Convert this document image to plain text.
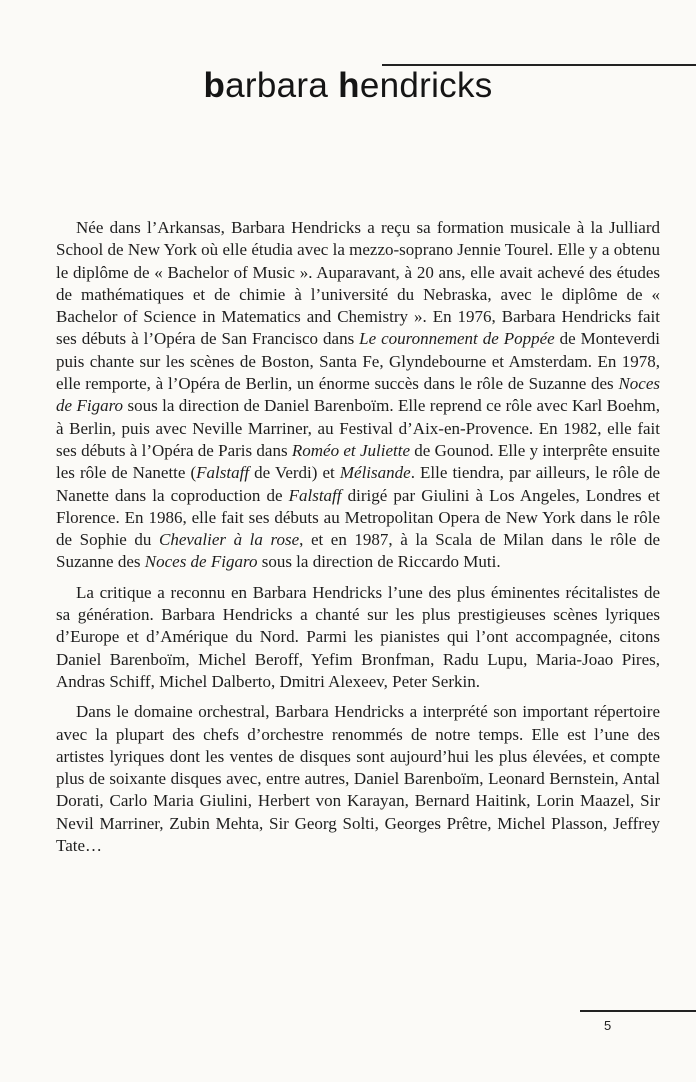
barbara hendricks

Née dans l’Arkansas, Barbara Hendricks a reçu sa formation musicale à la Julliard School de New York où elle étudia avec la mezzo-soprano Jennie Tourel. Elle y a obtenu le diplôme de « Bachelor of Music ». Auparavant, à 20 ans, elle avait achevé des études de mathématiques et de chimie à l’université du Nebraska, avec le diplôme de « Bachelor of Science in Matematics and Chemistry ». En 1976, Barbara Hendricks fait ses débuts à l’Opéra de San Francisco dans Le couronnement de Poppée de Monteverdi puis chante sur les scènes de Boston, Santa Fe, Glyndebourne et Amsterdam. En 1978, elle remporte, à l’Opéra de Berlin, un énorme succès dans le rôle de Suzanne des Noces de Figaro sous la direction de Daniel Barenboïm. Elle reprend ce rôle avec Karl Boehm, à Berlin, puis avec Neville Marriner, au Festival d’Aix-en-Provence. En 1982, elle fait ses débuts à l’Opéra de Paris dans Roméo et Juliette de Gounod. Elle y interprête ensuite les rôle de Nanette (Falstaff de Verdi) et Mélisande. Elle tiendra, par ailleurs, le rôle de Nanette dans la coproduction de Falstaff dirigé par Giulini à Los Angeles, Londres et Florence. En 1986, elle fait ses débuts au Metropolitan Opera de New York dans le rôle de Sophie du Chevalier à la rose, et en 1987, à la Scala de Milan dans le rôle de Suzanne des Noces de Figaro sous la direction de Riccardo Muti.

La critique a reconnu en Barbara Hendricks l’une des plus éminentes récitalistes de sa génération. Barbara Hendricks a chanté sur les plus prestigieuses scènes lyriques d’Europe et d’Amérique du Nord. Parmi les pianistes qui l’ont accompagnée, citons Daniel Barenboïm, Michel Beroff, Yefim Bronfman, Radu Lupu, Maria-Joao Pires, Andras Schiff, Michel Dalberto, Dmitri Alexeev, Peter Serkin.

Dans le domaine orchestral, Barbara Hendricks a interprété son important répertoire avec la plupart des chefs d’orchestre renommés de notre temps. Elle est l’une des artistes lyriques dont les ventes de disques sont aujourd’hui les plus élevées, et compte plus de soixante disques avec, entre autres, Daniel Barenboïm, Leonard Bernstein, Antal Dorati, Carlo Maria Giulini, Herbert von Karayan, Bernard Haitink, Lorin Maazel, Sir Nevil Marriner, Zubin Mehta, Sir Georg Solti, Georges Prêtre, Michel Plasson, Jeffrey Tate…

5
